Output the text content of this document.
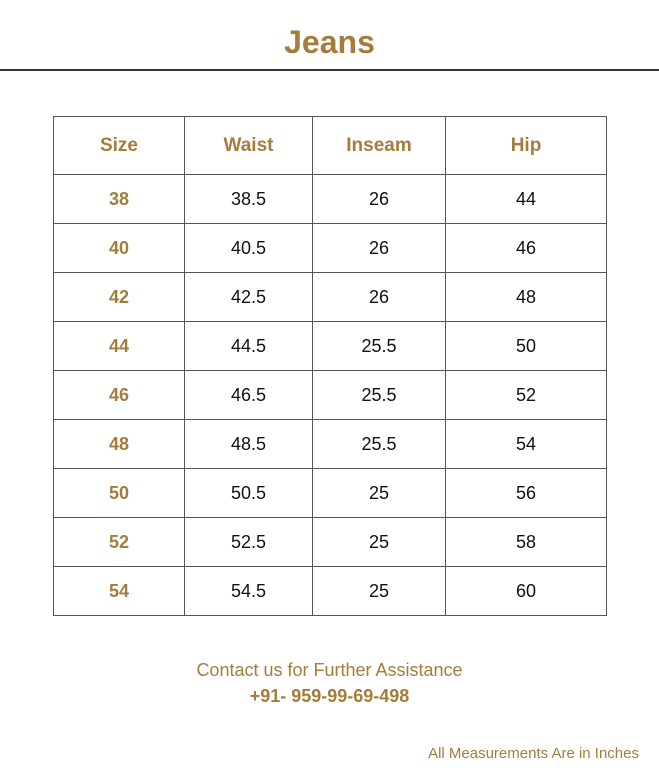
Jeans
Size	Waist	Inseam	Hip
38	38.5	26	44
40	40.5	26	46
42	42.5	26	48
44	44.5	25.5	50
46	46.5	25.5	52
48	48.5	25.5	54
50	50.5	25	56
52	52.5	25	58
54	54.5	25	60
Contact us for Further Assistance
+91- 959-99-69-498
All Measurements Are in Inches
